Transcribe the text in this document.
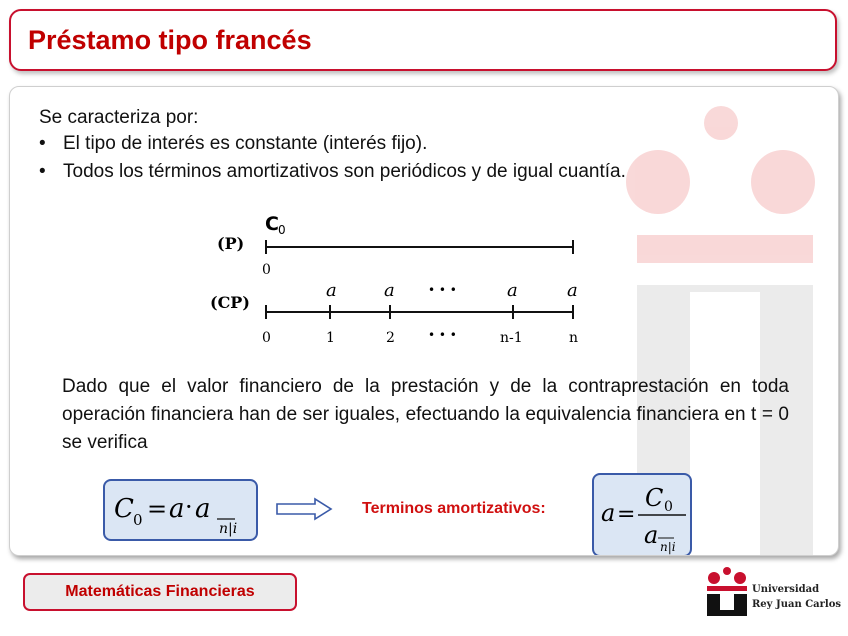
Préstamo tipo francés
Se caracteriza por:
• El tipo de interés es constante (interés fijo).
• Todos los términos amortizativos son periódicos y de igual cuantía.
(P)
C 0
0
(CP)
a	a	• • •	a	a
0	1	2	• • •	n-1	n
Dado que el valor financiero de la prestación y de la contraprestación en toda operación financiera han de ser iguales, efectuando la equivalencia financiera en t = 0 se verifica
C 0 = a · a
n|i
Terminos amortizativos: a =
C 0
a n|i
Matemáticas Financieras	Universidad
Rey Juan Carlos
